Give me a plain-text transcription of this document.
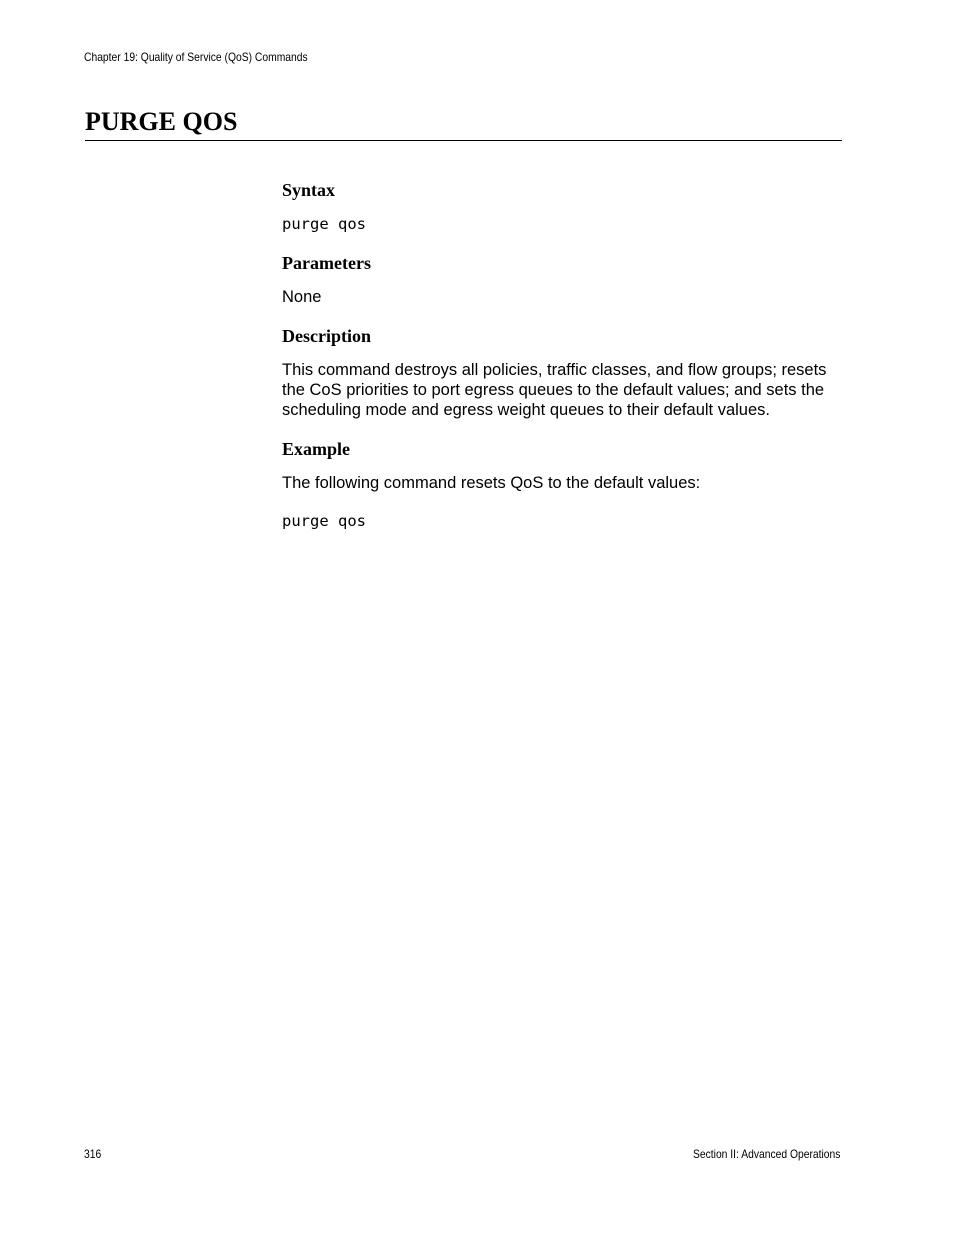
Chapter 19: Quality of Service (QoS) Commands
PURGE QOS
Syntax
purge qos
Parameters
None
Description
This command destroys all policies, traffic classes, and flow groups; resets the CoS priorities to port egress queues to the default values; and sets the scheduling mode and egress weight queues to their default values.
Example
The following command resets QoS to the default values:
purge qos
316	Section II: Advanced Operations
